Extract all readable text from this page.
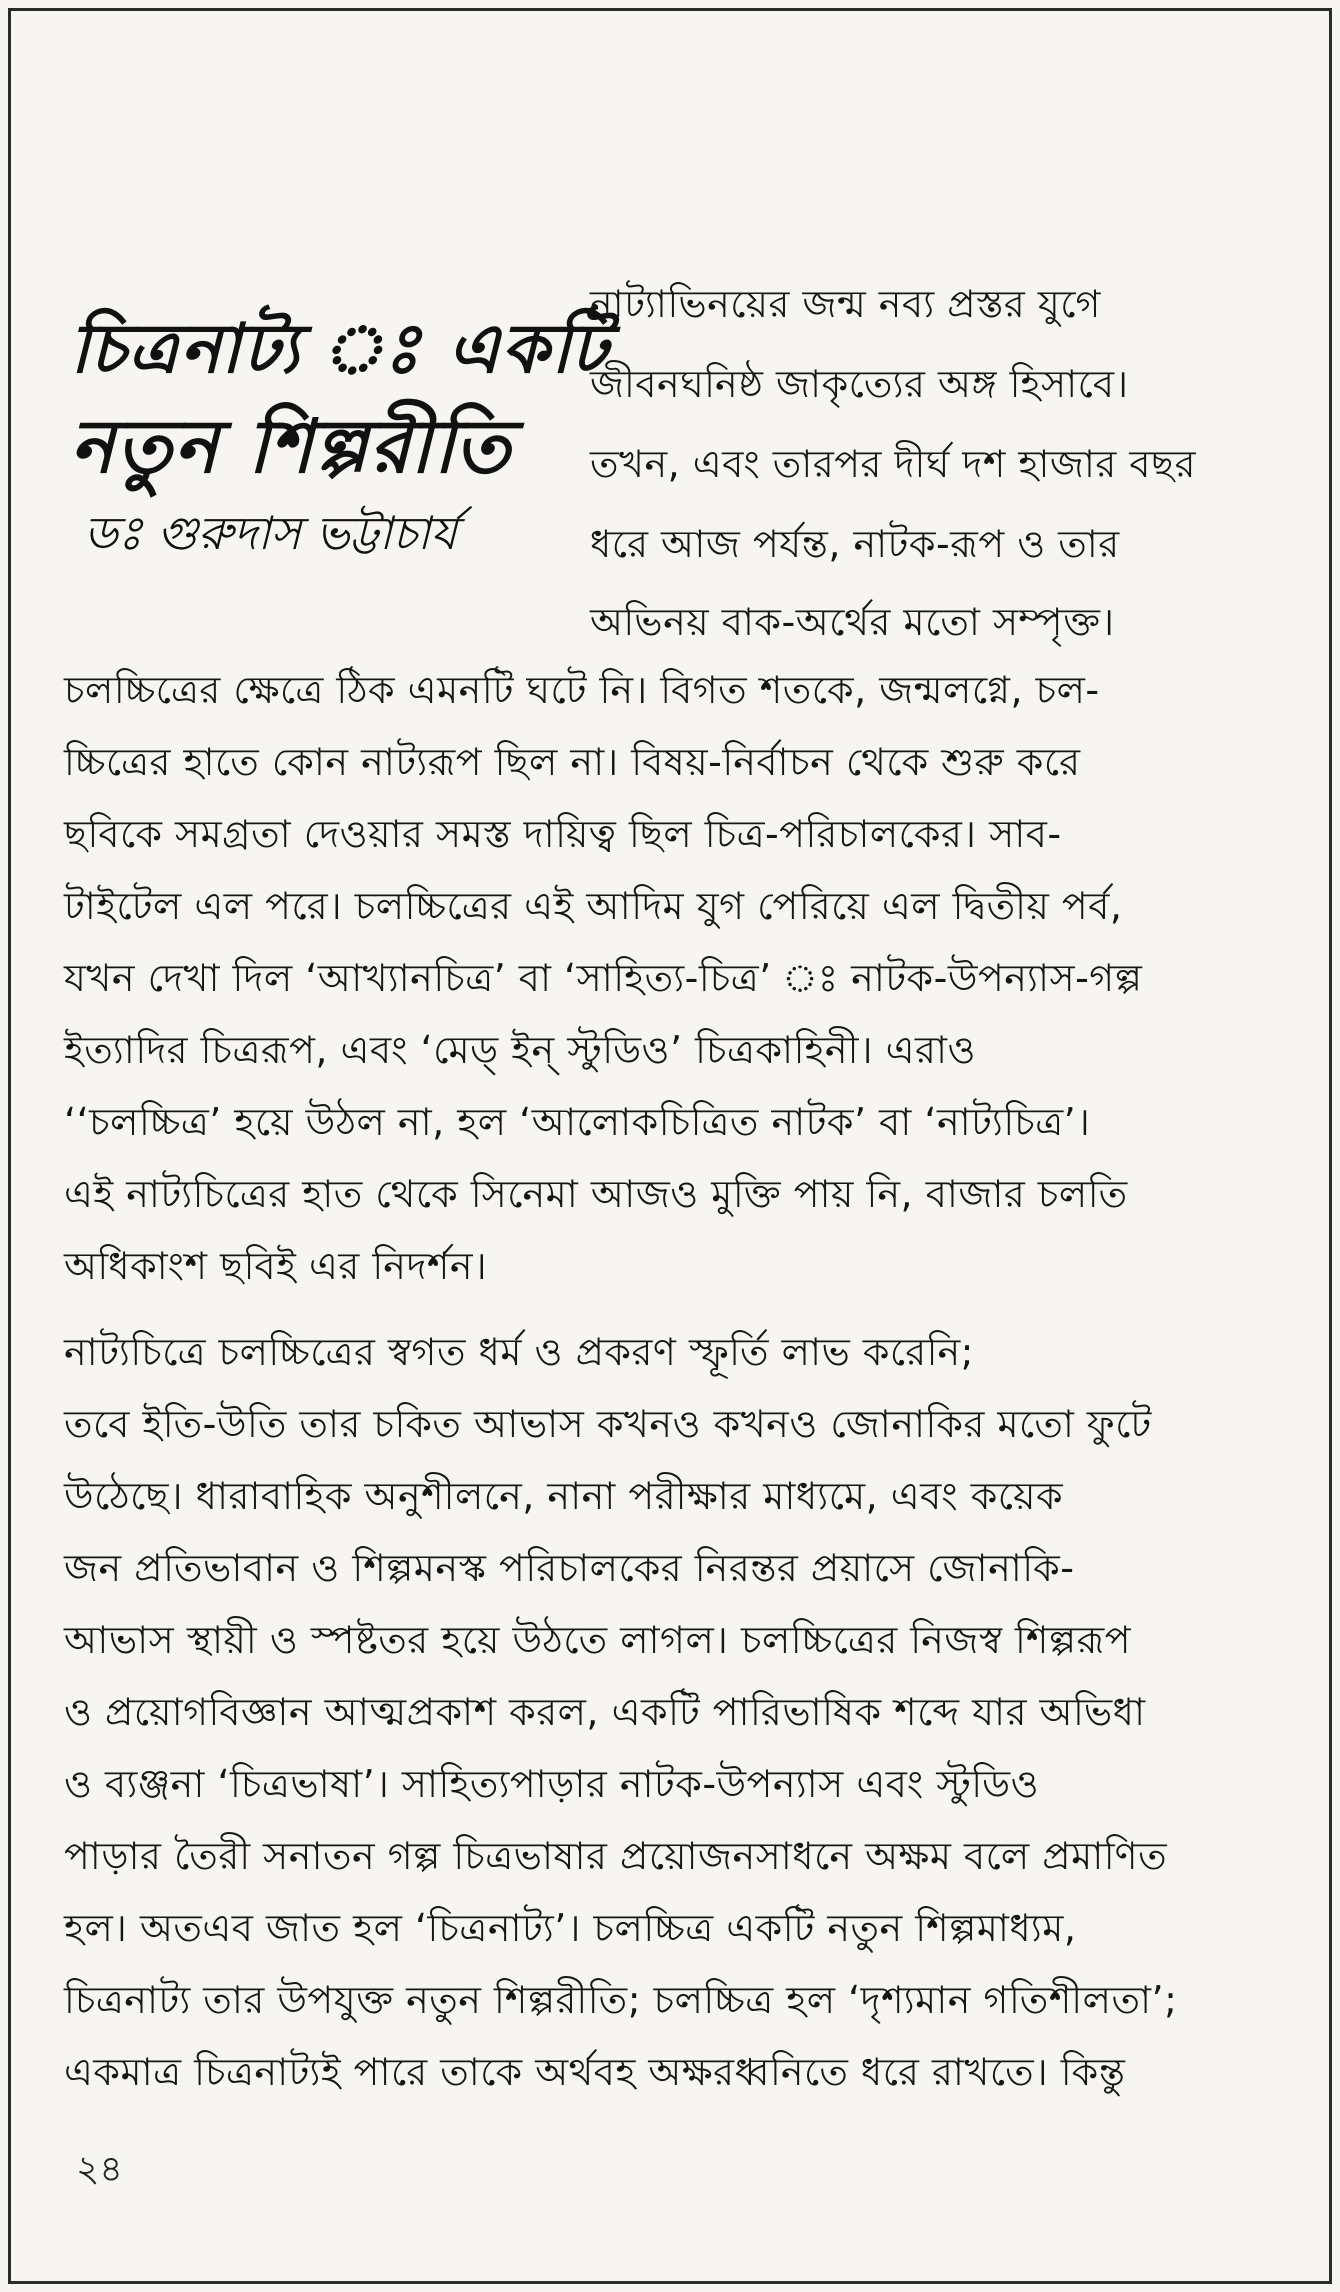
চিত্রনাট্য ঃ একটি
নতুন শিল্পরীতি
ডঃ গুরুদাস ভট্টাচার্য
নাট্যাভিনয়ের জন্ম নব্য প্রস্তর যুগে
জীবনঘনিষ্ঠ জাকৃত্যের অঙ্গ হিসাবে।
তখন, এবং তারপর দীর্ঘ দশ হাজার বছর
ধরে আজ পর্যন্ত, নাটক-রূপ ও তার
অভিনয় বাক-অর্থের মতো সম্পৃক্ত।
চলচ্চিত্রের ক্ষেত্রে ঠিক এমনটি ঘটে নি। বিগত শতকে, জন্মলগ্নে, চল-
চ্চিত্রের হাতে কোন নাট্যরূপ ছিল না। বিষয়-নির্বাচন থেকে শুরু করে
ছবিকে সমগ্রতা দেওয়ার সমস্ত দায়িত্ব ছিল চিত্র-পরিচালকের। সাব-
টাইটেল এল পরে। চলচ্চিত্রের এই আদিম যুগ পেরিয়ে এল দ্বিতীয় পর্ব,
যখন দেখা দিল ‘আখ্যানচিত্র’ বা ‘সাহিত্য-চিত্র’ ঃ নাটক-উপন্যাস-গল্প
ইত্যাদির চিত্ররূপ, এবং ‘মেড্ ইন্ স্টুডিও’ চিত্রকাহিনী। এরাও
‘‘চলচ্চিত্র’ হয়ে উঠল না, হল ‘আলোকচিত্রিত নাটক’ বা ‘নাট্যচিত্র’।
এই নাট্যচিত্রের হাত থেকে সিনেমা আজও মুক্তি পায় নি, বাজার চলতি
অধিকাংশ ছবিই এর নিদর্শন।
নাট্যচিত্রে চলচ্চিত্রের স্বগত ধর্ম ও প্রকরণ স্ফূর্তি লাভ করেনি;
তবে ইতি-উতি তার চকিত আভাস কখনও কখনও জোনাকির মতো ফুটে
উঠেছে। ধারাবাহিক অনুশীলনে, নানা পরীক্ষার মাধ্যমে, এবং কয়েক
জন প্রতিভাবান ও শিল্পমনস্ক পরিচালকের নিরন্তর প্রয়াসে জোনাকি-
আভাস স্থায়ী ও স্পষ্টতর হয়ে উঠতে লাগল। চলচ্চিত্রের নিজস্ব শিল্পরূপ
ও প্রয়োগবিজ্ঞান আত্মপ্রকাশ করল, একটি পারিভাষিক শব্দে যার অভিধা
ও ব্যঞ্জনা ‘চিত্রভাষা’। সাহিত্যপাড়ার নাটক-উপন্যাস এবং স্টুডিও
পাড়ার তৈরী সনাতন গল্প চিত্রভাষার প্রয়োজনসাধনে অক্ষম বলে প্রমাণিত
হল। অতএব জাত হল ‘চিত্রনাট্য’। চলচ্চিত্র একটি নতুন শিল্পমাধ্যম,
চিত্রনাট্য তার উপযুক্ত নতুন শিল্পরীতি; চলচ্চিত্র হল ‘দৃশ্যমান গতিশীলতা’;
একমাত্র চিত্রনাট্যই পারে তাকে অর্থবহ অক্ষরধ্বনিতে ধরে রাখতে। কিন্তু
২৪
